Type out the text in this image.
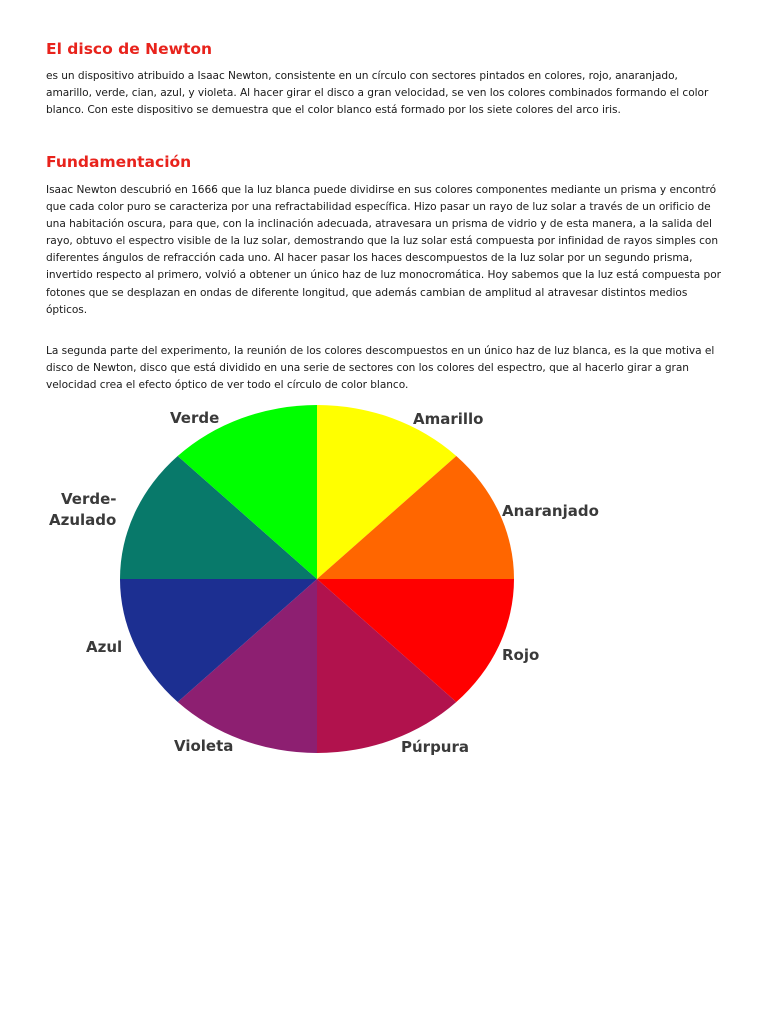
El disco de Newton

es un dispositivo atribuido a Isaac Newton, consistente en un círculo con sectores pintados en colores, rojo, anaranjado, amarillo, verde, cian, azul, y violeta. Al hacer girar el disco a gran velocidad, se ven los colores combinados formando el color blanco. Con este dispositivo se demuestra que el color blanco está formado por los siete colores del arco iris.

Fundamentación

Isaac Newton descubrió en 1666 que la luz blanca puede dividirse en sus colores componentes mediante un prisma y encontró que cada color puro se caracteriza por una refractabilidad específica. Hizo pasar un rayo de luz solar a través de un orificio de una habitación oscura, para que, con la inclinación adecuada, atravesara un prisma de vidrio y de esta manera, a la salida del rayo, obtuvo el espectro visible de la luz solar, demostrando que la luz solar está compuesta por infinidad de rayos simples con diferentes ángulos de refracción cada uno. Al hacer pasar los haces descompuestos de la luz solar por un segundo prisma, invertido respecto al primero, volvió a obtener un único haz de luz monocromática. Hoy sabemos que la luz está compuesta por fotones que se desplazan en ondas de diferente longitud, que además cambian de amplitud al atravesar distintos medios ópticos.

La segunda parte del experimento, la reunión de los colores descompuestos en un único haz de luz blanca, es la que motiva el disco de Newton, disco que está dividido en una serie de sectores con los colores del espectro, que al hacerlo girar a gran velocidad crea el efecto óptico de ver todo el círculo de color blanco.

Verde	Amarillo
Anaranjado
Verde-
Azulado
Azul	Rojo
Violeta	Púrpura
